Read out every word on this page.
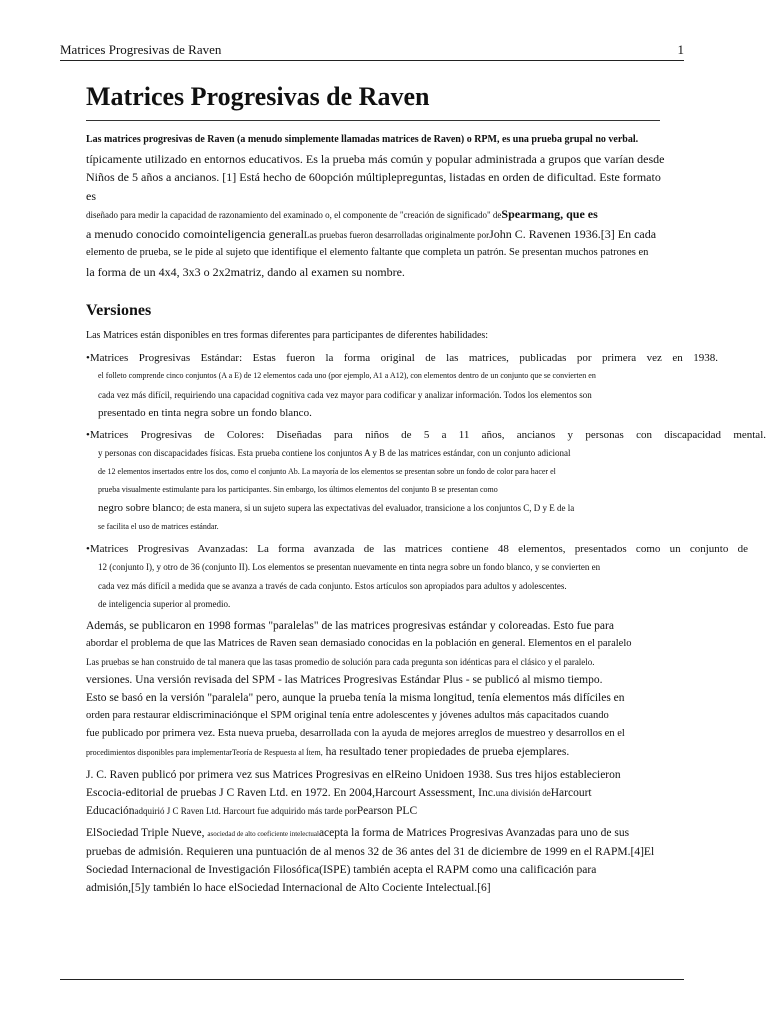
Matrices Progresivas de Raven	1
Matrices Progresivas de Raven

Las matrices progresivas de Raven (a menudo simplemente llamadas matrices de Raven) o RPM, es una prueba grupal no verbal.

típicamente utilizado en entornos educativos. Es la prueba más común y popular administrada a grupos que varían desde

Niños de 5 años a ancianos. [1] Está hecho de 60opción múltiplepreguntas, listadas en orden de dificultad. Este formato es

diseñado para medir la capacidad de razonamiento del examinado o, el componente de "creación de significado" deSpearmang, que es

a menudo conocido comointeligencia generalLas pruebas fueron desarrolladas originalmente porJohn C. Ravenen 1936.[3] En cada

elemento de prueba, se le pide al sujeto que identifique el elemento faltante que completa un patrón. Se presentan muchos patrones en

la forma de un 4x4, 3x3 o 2x2matriz, dando al examen su nombre.

Versiones

Las Matrices están disponibles en tres formas diferentes para participantes de diferentes habilidades:

•Matrices Progresivas Estándar: Estas fueron la forma original de las matrices, publicadas por primera vez en 1938.
el folleto comprende cinco conjuntos (A a E) de 12 elementos cada uno (por ejemplo, A1 a A12), con elementos dentro de un conjunto que se convierten en
cada vez más difícil, requiriendo una capacidad cognitiva cada vez mayor para codificar y analizar información. Todos los elementos son
presentado en tinta negra sobre un fondo blanco.
•Matrices Progresivas de Colores: Diseñadas para niños de 5 a 11 años, ancianos y personas con discapacidad mental.
y personas con discapacidades físicas. Esta prueba contiene los conjuntos A y B de las matrices estándar, con un conjunto adicional
de 12 elementos insertados entre los dos, como el conjunto Ab. La mayoría de los elementos se presentan sobre un fondo de color para hacer el
prueba visualmente estimulante para los participantes. Sin embargo, los últimos elementos del conjunto B se presentan como
negro sobre blanco; de esta manera, si un sujeto supera las expectativas del evaluador, transicione a los conjuntos C, D y E de la
se facilita el uso de matrices estándar.
•Matrices Progresivas Avanzadas: La forma avanzada de las matrices contiene 48 elementos, presentados como un conjunto de
12 (conjunto I), y otro de 36 (conjunto II). Los elementos se presentan nuevamente en tinta negra sobre un fondo blanco, y se convierten en
cada vez más difícil a medida que se avanza a través de cada conjunto. Estos artículos son apropiados para adultos y adolescentes.
de inteligencia superior al promedio.
Además, se publicaron en 1998 formas "paralelas" de las matrices progresivas estándar y coloreadas. Esto fue para
abordar el problema de que las Matrices de Raven sean demasiado conocidas en la población en general. Elementos en el paralelo
Las pruebas se han construido de tal manera que las tasas promedio de solución para cada pregunta son idénticas para el clásico y el paralelo.
versiones. Una versión revisada del SPM - las Matrices Progresivas Estándar Plus - se publicó al mismo tiempo.
Esto se basó en la versión "paralela" pero, aunque la prueba tenía la misma longitud, tenía elementos más difíciles en
orden para restaurar eldiscriminaciónque el SPM original tenía entre adolescentes y jóvenes adultos más capacitados cuando
fue publicado por primera vez. Esta nueva prueba, desarrollada con la ayuda de mejores arreglos de muestreo y desarrollos en el
procedimientos disponibles para implementarTeoría de Respuesta al Ítem, ha resultado tener propiedades de prueba ejemplares.
J. C. Raven publicó por primera vez sus Matrices Progresivas en elReino Unidoen 1938. Sus tres hijos establecieron
Escocia-editorial de pruebas J C Raven Ltd. en 1972. En 2004,Harcourt Assessment, Inc.una división deHarcourt
Educaciónadquirió J C Raven Ltd. Harcourt fue adquirido más tarde porPearson PLC
ElSociedad Triple Nueve, asociedad de alto coeficiente intelectualacepta la forma de Matrices Progresivas Avanzadas para uno de sus
pruebas de admisión. Requieren una puntuación de al menos 32 de 36 antes del 31 de diciembre de 1999 en el RAPM.[4]El
Sociedad Internacional de Investigación Filosófica(ISPE) también acepta el RAPM como una calificación para
admisión,[5]y también lo hace elSociedad Internacional de Alto Cociente Intelectual.[6]
